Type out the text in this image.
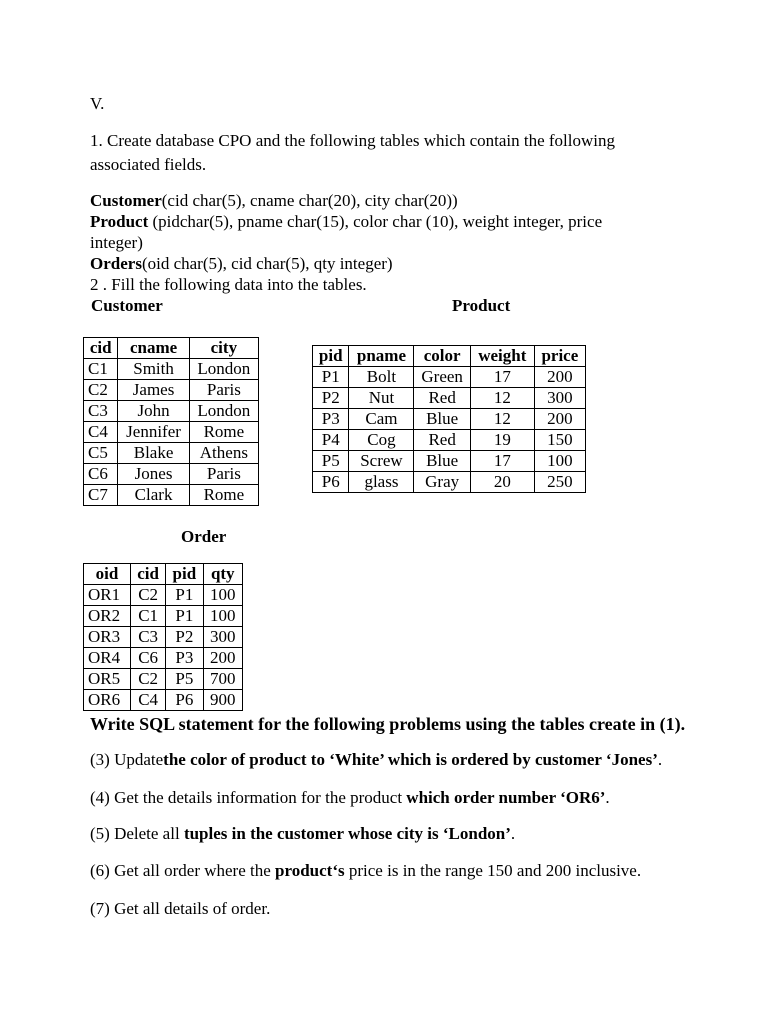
V.
1. Create database CPO and the following tables which contain the following
associated fields.
Customer(cid char(5), cname char(20), city char(20))
Product (pidchar(5), pname char(15), color char (10), weight integer, price
integer)
Orders(oid char(5), cid char(5), qty integer)
2 . Fill the following data into the tables.
Customer	Product
cid	cname	city
C1	Smith	London
C2	James	Paris
C3	John	London
C4	Jennifer	Rome
C5	Blake	Athens
C6	Jones	Paris
C7	Clark	Rome
pid	pname	color	weight	price
P1	Bolt	Green	17	200
P2	Nut	Red	12	300
P3	Cam	Blue	12	200
P4	Cog	Red	19	150
P5	Screw	Blue	17	100
P6	glass	Gray	20	250
Order
oid	cid	pid	qty
OR1	C2	P1	100
OR2	C1	P1	100
OR3	C3	P2	300
OR4	C6	P3	200
OR5	C2	P5	700
OR6	C4	P6	900
Write SQL statement for the following problems using the tables create in (1).
(3) Updatethe color of product to ‘White’ which is ordered by customer ‘Jones’.
(4) Get the details information for the product which order number ‘OR6’.
(5) Delete all tuples in the customer whose city is ‘London’.
(6) Get all order where the product‘s price is in the range 150 and 200 inclusive.
(7) Get all details of order.
